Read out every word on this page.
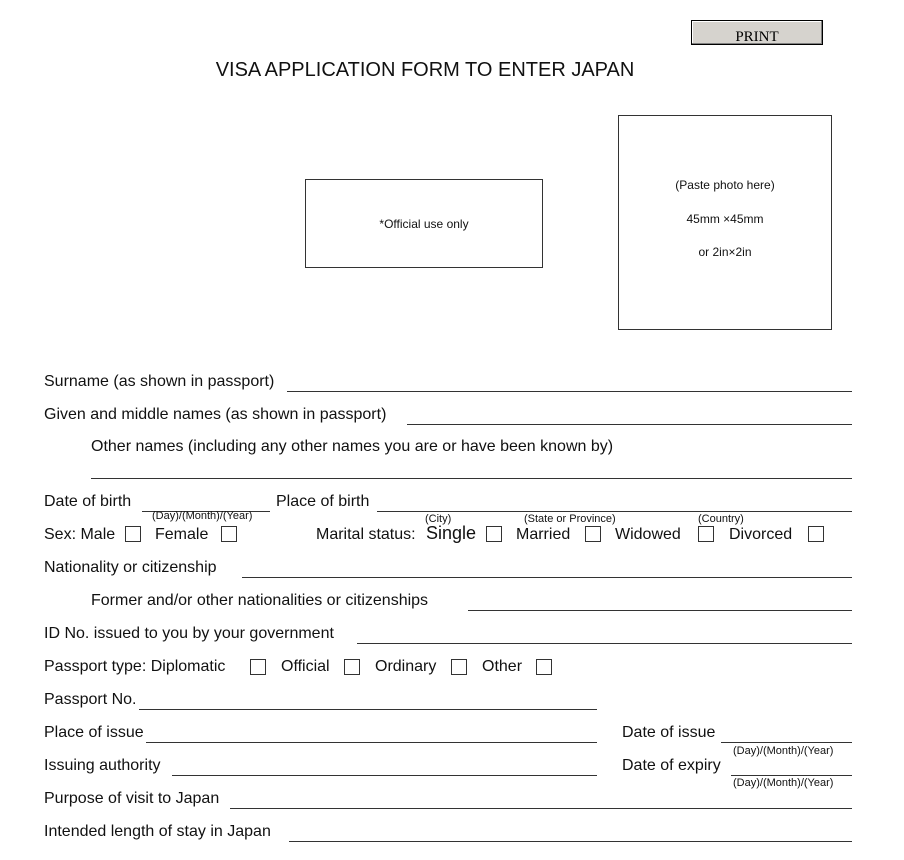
PRINT
VISA APPLICATION FORM TO ENTER JAPAN
*Official use only
(Paste photo here)
45mm ×45mm
or 2in×2in
Surname (as shown in passport)
Given and middle names (as shown in passport)
Other names (including any other names you are or have been known by)
Date of birth
(Day)/(Month)/(Year)
Place of birth
(City)	(State or Province)	(Country)
Sex: Male Female	Marital status: Single Married	Widowed	Divorced
Nationality or citizenship
Former and/or other nationalities or citizenships
ID No. issued to you by your government
Passport type: Diplomatic	Official	Ordinary	Other
Passport No.
Place of issue	Date of issue
(Day)/(Month)/(Year)
Issuing authority	Date of expiry
(Day)/(Month)/(Year)
Purpose of visit to Japan
Intended length of stay in Japan
